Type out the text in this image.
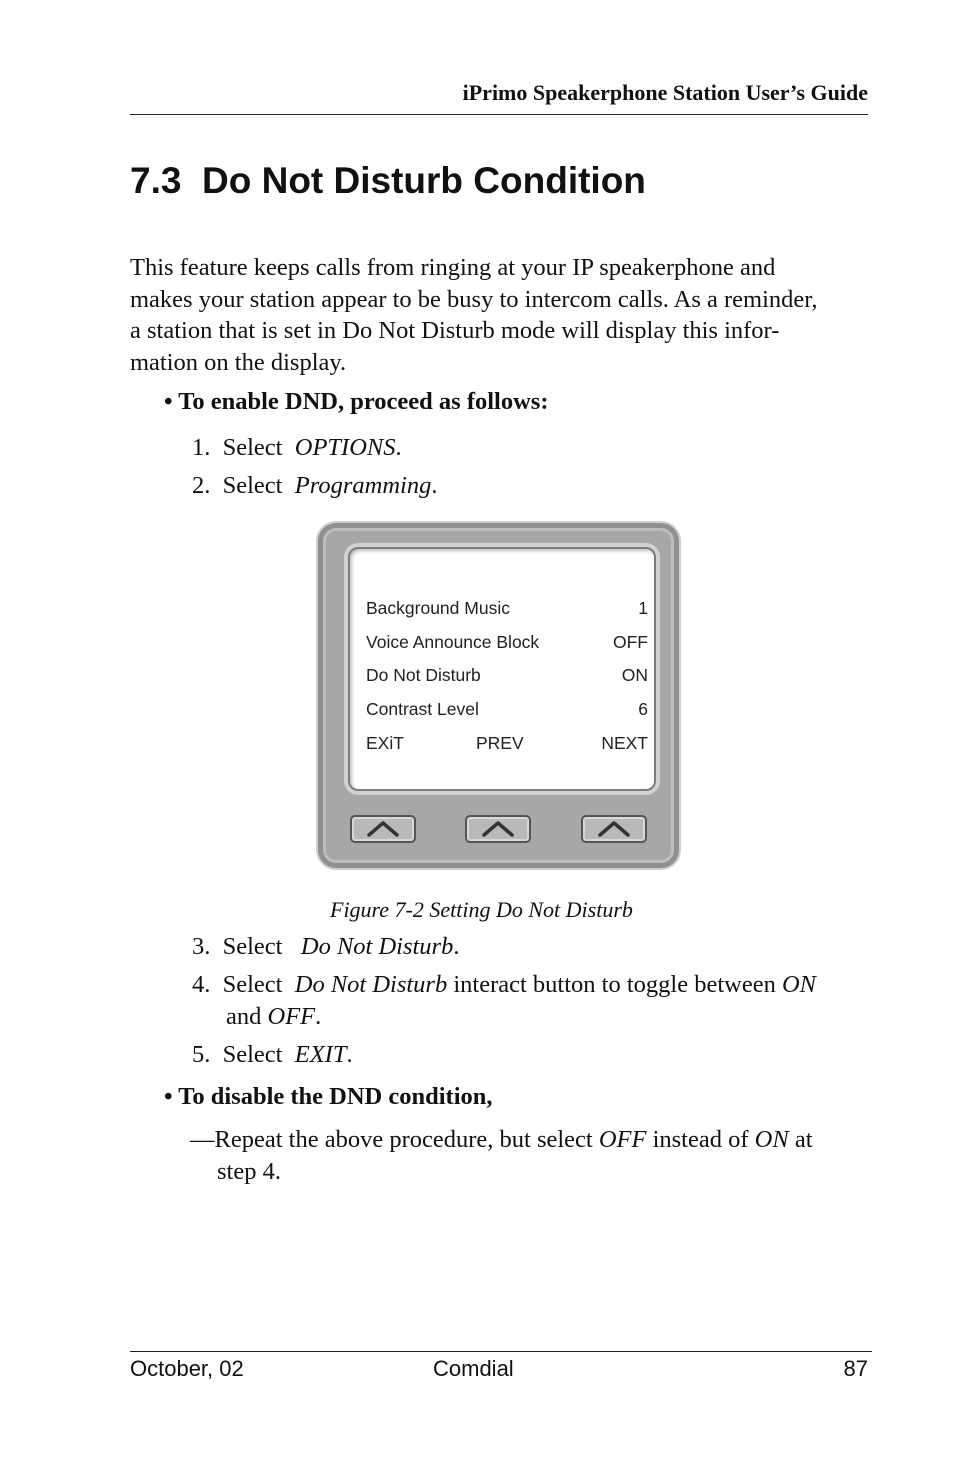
iPrimo Speakerphone Station User’s Guide
7.3 Do Not Disturb Condition
This feature keeps calls from ringing at your IP speakerphone and
makes your station appear to be busy to intercom calls. As a reminder,
a station that is set in Do Not Disturb mode will display this infor-
mation on the display.
• To enable DND, proceed as follows:
1. Select OPTIONS.
2. Select Programming.
Background Music	1
Voice Announce Block	OFF
Do Not Disturb	ON
Contrast Level	6
EXiT	PREV	NEXT
Figure 7-2 Setting Do Not Disturb
3. Select Do Not Disturb.
4. Select Do Not Disturb interact button to toggle between ON
and OFF.
5. Select EXIT.
• To disable the DND condition,
—Repeat the above procedure, but select OFF instead of ON at
step 4.
October, 02	Comdial	87
